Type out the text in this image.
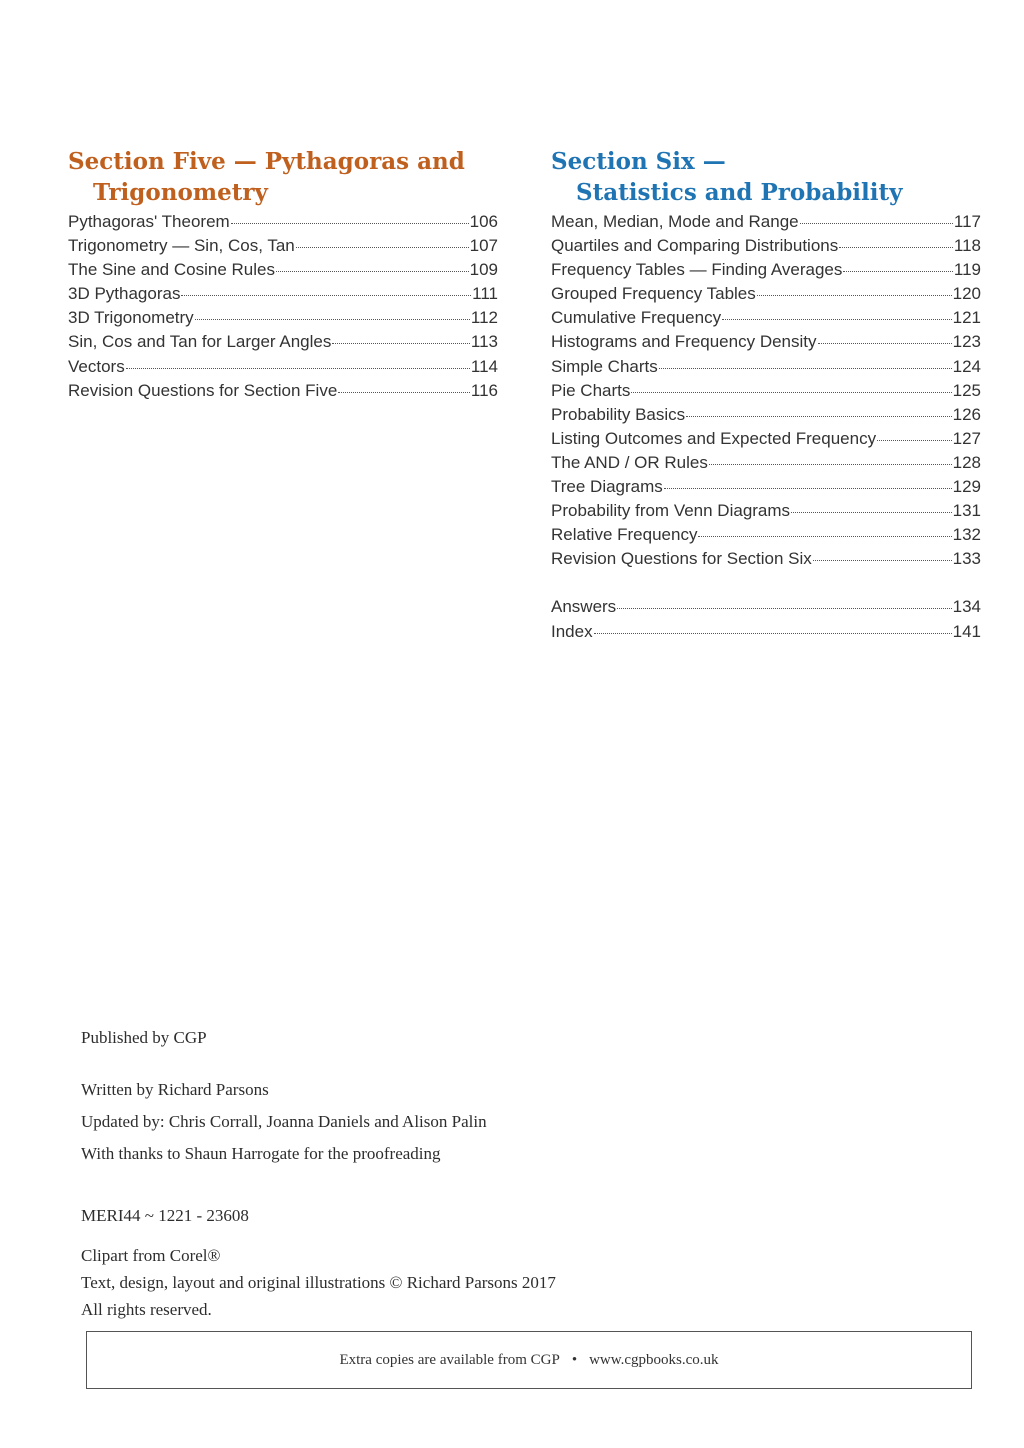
Section Five — Pythagoras and
Trigonometry
Pythagoras' Theorem	106
Trigonometry — Sin, Cos, Tan	107
The Sine and Cosine Rules	109
3D Pythagoras	111
3D Trigonometry	112
Sin, Cos and Tan for Larger Angles	113
Vectors	114
Revision Questions for Section Five	116
Section Six —
Statistics and Probability
Mean, Median, Mode and Range	117
Quartiles and Comparing Distributions	118
Frequency Tables — Finding Averages	119
Grouped Frequency Tables	120
Cumulative Frequency	121
Histograms and Frequency Density	123
Simple Charts	124
Pie Charts	125
Probability Basics	126
Listing Outcomes and Expected Frequency	127
The AND / OR Rules	128
Tree Diagrams	129
Probability from Venn Diagrams	131
Relative Frequency	132
Revision Questions for Section Six	133
Answers	134
Index	141
Published by CGP
Written by Richard Parsons
Updated by: Chris Corrall, Joanna Daniels and Alison Palin
With thanks to Shaun Harrogate for the proofreading
MERI44 ~ 1221 - 23608
Clipart from Corel®
Text, design, layout and original illustrations © Richard Parsons 2017
All rights reserved.
Extra copies are available from CGP • www.cgpbooks.co.uk
